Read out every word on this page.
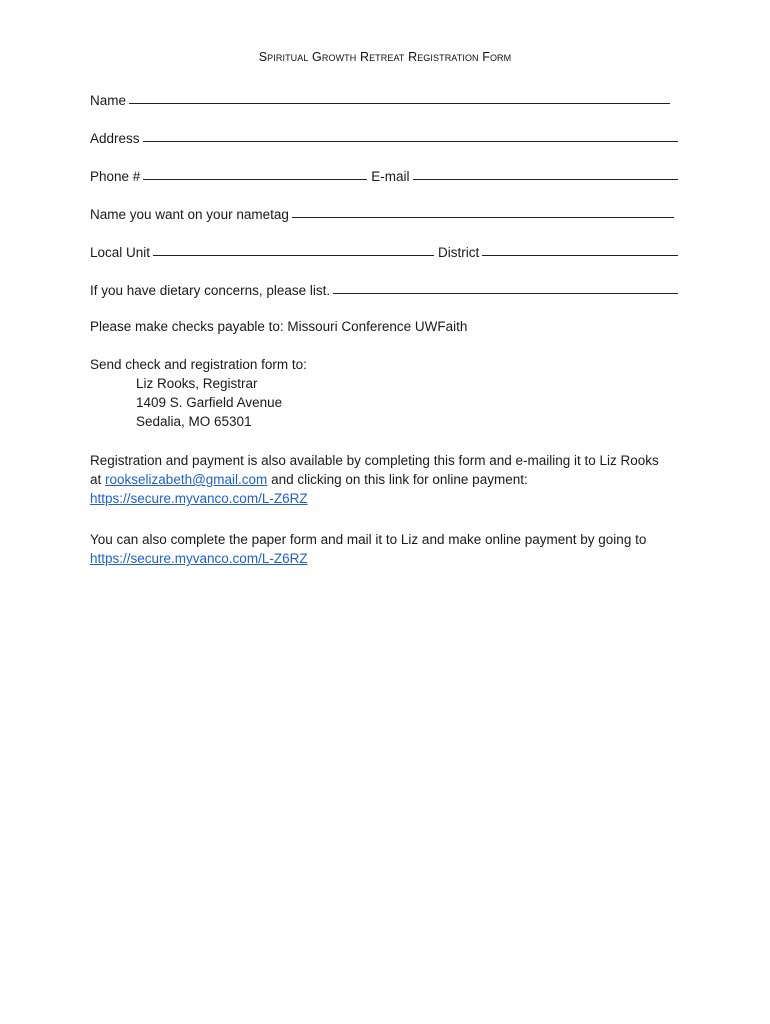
Spiritual Growth Retreat Registration Form
Name
Address
Phone #	E-mail
Name you want on your nametag
Local Unit	District
If you have dietary concerns, please list.
Please make checks payable to: Missouri Conference UWFaith
Send check and registration form to:
Liz Rooks, Registrar
1409 S. Garfield Avenue
Sedalia, MO 65301
Registration and payment is also available by completing this form and e-mailing it to Liz Rooks
at rookselizabeth@gmail.com and clicking on this link for online payment:
https://secure.myvanco.com/L-Z6RZ
You can also complete the paper form and mail it to Liz and make online payment by going to
https://secure.myvanco.com/L-Z6RZ
